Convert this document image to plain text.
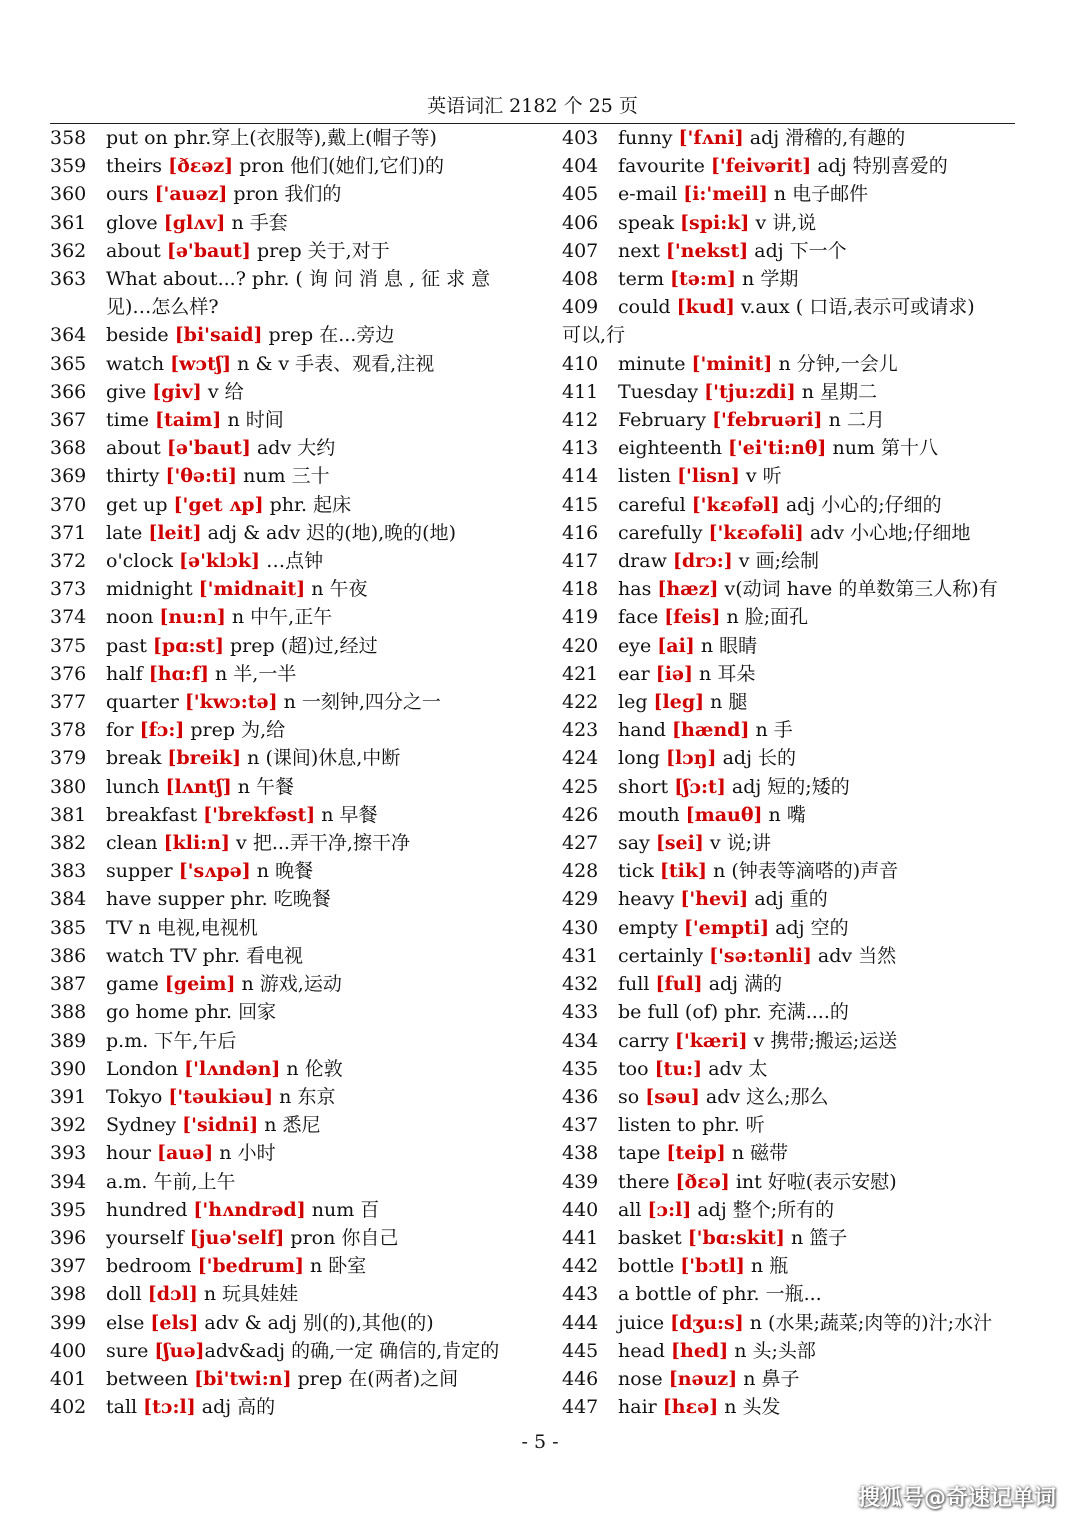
英语词汇 2182 个 25 页
358	put on phr.穿上(衣服等),戴上(帽子等)
359	theirs [ðεəz] pron 他们(她们,它们)的
360	ours ['auəz] pron 我们的
361	glove [glʌv] n 手套
362	about [ə'baut] prep 关于,对于
363	What about...? phr. ( 询 问 消 息 , 征 求 意
见)…怎么样?
364	beside [bi'said] prep 在...旁边
365	watch [wɔtʃ] n & v 手表、观看,注视
366	give [giv] v 给
367	time [taim] n 时间
368	about [ə'baut] adv 大约
369	thirty ['θə:ti] num 三十
370	get up ['get ʌp] phr. 起床
371	late [leit] adj & adv 迟的(地),晚的(地)
372	o'clock [ə'klɔk] …点钟
373	midnight ['midnait] n 午夜
374	noon [nu:n] n 中午,正午
375	past [pɑ:st] prep (超)过,经过
376	half [hɑ:f] n 半,一半
377	quarter ['kwɔ:tə] n 一刻钟,四分之一
378	for [fɔ:] prep 为,给
379	break [breik] n (课间)休息,中断
380	lunch [lʌntʃ] n 午餐
381	breakfast ['brekfəst] n 早餐
382	clean [kli:n] v 把...弄干净,擦干净
383	supper ['sʌpə] n 晚餐
384	have supper phr. 吃晚餐
385	TV n 电视,电视机
386	watch TV phr. 看电视
387	game [geim] n 游戏,运动
388	go home phr. 回家
389	p.m. 下午,午后
390	London ['lʌndən] n 伦敦
391	Tokyo ['təukiəu] n 东京
392	Sydney ['sidni] n 悉尼
393	hour [auə] n 小时
394	a.m. 午前,上午
395	hundred ['hʌndrəd] num 百
396	yourself [juə'self] pron 你自己
397	bedroom ['bedrum] n 卧室
398	doll [dɔl] n 玩具娃娃
399	else [els] adv & adj 别(的),其他(的)
400	sure [ʃuə]adv&adj 的确,一定 确信的,肯定的
401	between [bi'twi:n] prep 在(两者)之间
402	tall [tɔ:l] adj 高的
403	funny ['fʌni] adj 滑稽的,有趣的
404	favourite ['feivərit] adj 特别喜爱的
405	e-mail [i:'meil] n 电子邮件
406	speak [spi:k] v 讲,说
407	next ['nekst] adj 下一个
408	term [tə:m] n 学期
409	could [kud] v.aux ( 口语,表示可或请求)
可以,行
410	minute ['minit] n 分钟,一会儿
411	Tuesday ['tju:zdi] n 星期二
412	February ['februəri] n 二月
413	eighteenth ['ei'ti:nθ] num 第十八
414	listen ['lisn] v 听
415	careful ['kεəfəl] adj 小心的;仔细的
416	carefully ['kεəfəli] adv 小心地;仔细地
417	draw [drɔ:] v 画;绘制
418	has [hæz] v(动词 have 的单数第三人称)有
419	face [feis] n 脸;面孔
420	eye [ai] n 眼睛
421	ear [iə] n 耳朵
422	leg [leg] n 腿
423	hand [hænd] n 手
424	long [lɔŋ] adj 长的
425	short [ʃɔ:t] adj 短的;矮的
426	mouth [mauθ] n 嘴
427	say [sei] v 说;讲
428	tick [tik] n (钟表等滴嗒的)声音
429	heavy ['hevi] adj 重的
430	empty ['empti] adj 空的
431	certainly ['sə:tənli] adv 当然
432	full [ful] adj 满的
433	be full (of) phr. 充满....的
434	carry ['kæri] v 携带;搬运;运送
435	too [tu:] adv 太
436	so [səu] adv 这么;那么
437	listen to phr. 听
438	tape [teip] n 磁带
439	there [ðεə] int 好啦(表示安慰)
440	all [ɔ:l] adj 整个;所有的
441	basket ['bɑ:skit] n 篮子
442	bottle ['bɔtl] n 瓶
443	a bottle of phr. 一瓶...
444	juice [dʒu:s] n (水果;蔬菜;肉等的)汁;水汁
445	head [hed] n 头;头部
446	nose [nəuz] n 鼻子
447	hair [hεə] n 头发
- 5 -
搜狐号@奇速记单词
